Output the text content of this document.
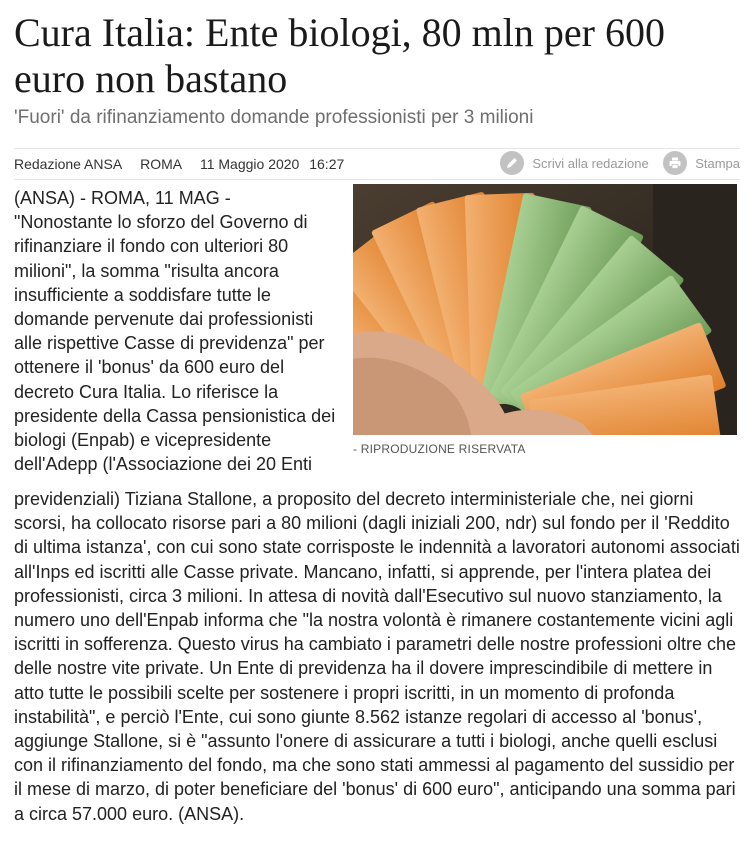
Cura Italia: Ente biologi, 80 mln per 600 euro non bastano

'Fuori' da rifinanziamento domande professionisti per 3 milioni

Redazione ANSA ROMA 11 Maggio 2020 16:27	Scrivi alla redazione
	Stampa
- RIPRODUZIONE RISERVATA

(ANSA) - ROMA, 11 MAG -
"Nonostante lo sforzo del Governo di rifinanziare il fondo con ulteriori 80 milioni", la somma "risulta ancora insufficiente a soddisfare tutte le domande pervenute dai professionisti alle rispettive Casse di previdenza" per ottenere il 'bonus' da 600 euro del decreto Cura Italia. Lo riferisce la presidente della Cassa pensionistica dei biologi (Enpab) e vicepresidente dell'Adepp (l'Associazione dei 20 Enti

previdenziali) Tiziana Stallone, a proposito del decreto interministeriale che, nei giorni scorsi, ha collocato risorse pari a 80 milioni (dagli iniziali 200, ndr) sul fondo per il 'Reddito di ultima istanza', con cui sono state corrisposte le indennità a lavoratori autonomi associati all'Inps ed iscritti alle Casse private. Mancano, infatti, si apprende, per l'intera platea dei professionisti, circa 3 milioni. In attesa di novità dall'Esecutivo sul nuovo stanziamento, la numero uno dell'Enpab informa che "la nostra volontà è rimanere costantemente vicini agli iscritti in sofferenza. Questo virus ha cambiato i parametri delle nostre professioni oltre che delle nostre vite private. Un Ente di previdenza ha il dovere imprescindibile di mettere in atto tutte le possibili scelte per sostenere i propri iscritti, in un momento di profonda instabilità", e perciò l'Ente, cui sono giunte 8.562 istanze regolari di accesso al 'bonus', aggiunge Stallone, si è "assunto l'onere di assicurare a tutti i biologi, anche quelli esclusi con il rifinanziamento del fondo, ma che sono stati ammessi al pagamento del sussidio per il mese di marzo, di poter beneficiare del 'bonus' di 600 euro", anticipando una somma pari a circa 57.000 euro. (ANSA).
